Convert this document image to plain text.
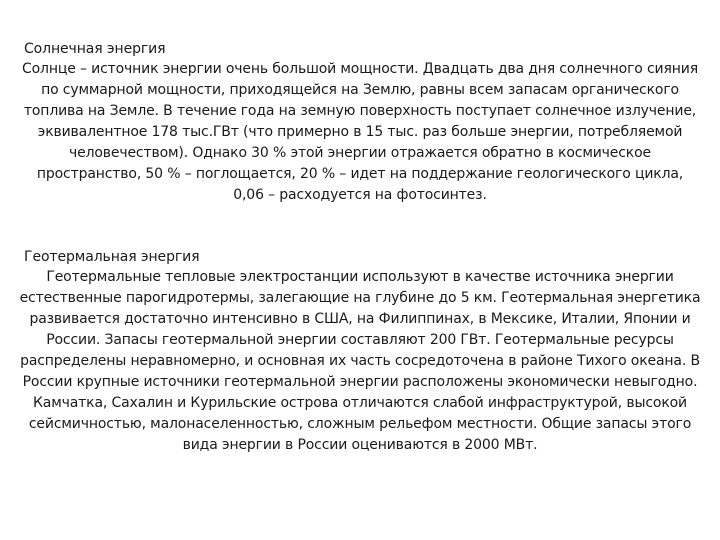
Солнечная энергия

Солнце – источник энергии очень большой мощности. Двадцать два дня солнечного сияния по суммарной мощности, приходящейся на Землю, равны всем запасам органического топлива на Земле. В течение года на земную поверхность поступает солнечное излучение, эквивалентное 178 тыс.ГВт (что примерно в 15 тыс. раз больше энергии, потребляемой человечеством). Однако 30 % этой энергии отражается обратно в космическое пространство, 50 % – поглощается, 20 % – идет на поддержание геологического цикла, 0,06 – расходуется на фотосинтез.

Геотермальная энергия

Геотермальные тепловые электростанции используют в качестве источника энергии естественные парогидротермы, залегающие на глубине до 5 км. Геотермальная энергетика развивается достаточно интенсивно в США, на Филиппинах, в Мексике, Италии, Японии и России. Запасы геотермальной энергии составляют 200 ГВт. Геотермальные ресурсы распределены неравномерно, и основная их часть сосредоточена в районе Тихого океана. В России крупные источники геотермальной энергии расположены экономически невыгодно. Камчатка, Сахалин и Курильские острова отличаются слабой инфраструктурой, высокой сейсмичностью, малонаселенностью, сложным рельефом местности. Общие запасы этого вида энергии в России оцениваются в 2000 МВт.
